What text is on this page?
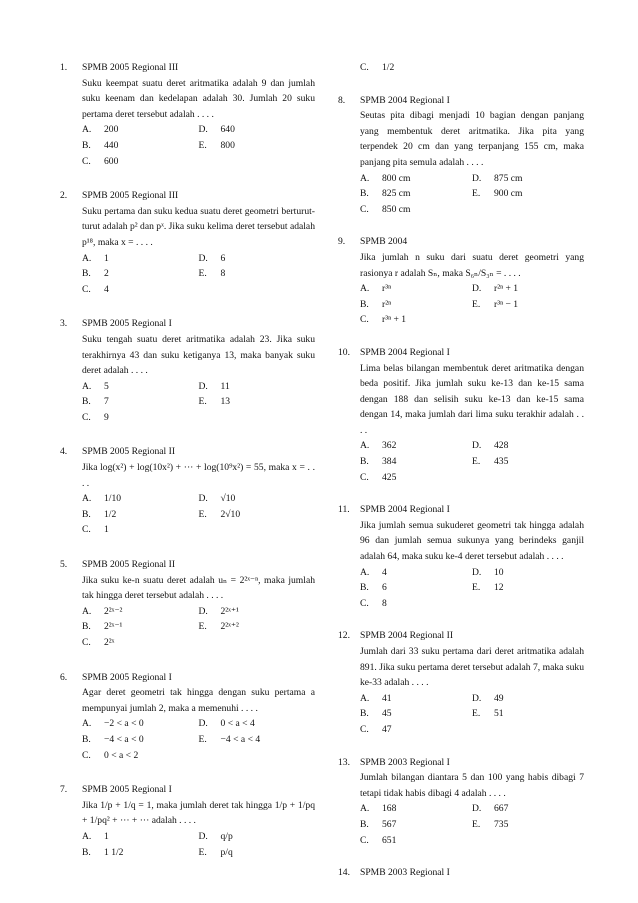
1. SPMB 2005 Regional III
Suku keempat suatu deret aritmatika adalah 9 dan jumlah suku keenam dan kedelapan adalah 30. Jumlah 20 suku pertama deret tersebut adalah . . . .
A.	200	D.	640
B.	440	E.	800
C.	600
2. SPMB 2005 Regional III
Suku pertama dan suku kedua suatu deret geometri berturut-turut adalah p² dan pˣ. Jika suku kelima deret tersebut adalah p¹⁸, maka x = . . . .
A.	1	D.	6
B.	2	E.	8
C.	4
3. SPMB 2005 Regional I
Suku tengah suatu deret aritmatika adalah 23. Jika suku terakhirnya 43 dan suku ketiganya 13, maka banyak suku deret adalah . . . .
A.	5	D.	11
B.	7	E.	13
C.	9
4. SPMB 2005 Regional II
Jika log(x²) + log(10x²) + ··· + log(10⁹x²) = 55, maka x = . . . .
A.	1/10	D.	√10
B.	1/2	E.	2√10
C.	1
5. SPMB 2005 Regional II
Jika suku ke-n suatu deret adalah uₙ = 2²ˣ⁻ⁿ, maka jumlah tak hingga deret tersebut adalah . . . .
A.	2²ˣ⁻²	D.	2²ˣ⁺¹
B.	2²ˣ⁻¹	E.	2²ˣ⁺²
C.	2²ˣ
6. SPMB 2005 Regional I
Agar deret geometri tak hingga dengan suku pertama a mempunyai jumlah 2, maka a memenuhi . . . .
A.	−2 < a < 0	D.	0 < a < 4
B.	−4 < a < 0	E.	−4 < a < 4
C.	0 < a < 2
7. SPMB 2005 Regional I
Jika 1/p + 1/q = 1, maka jumlah deret tak hingga 1/p + 1/pq + 1/pq² + ··· + ··· adalah . . . .
A.	1	D.	q/p
B.	1 1/2	E.	p/q
C.	1/2
8. SPMB 2004 Regional I
Seutas pita dibagi menjadi 10 bagian dengan panjang yang membentuk deret aritmatika. Jika pita yang terpendek 20 cm dan yang terpanjang 155 cm, maka panjang pita semula adalah . . . .
A.	800 cm	D.	875 cm
B.	825 cm	E.	900 cm
C.	850 cm
9. SPMB 2004
Jika jumlah n suku dari suatu deret geometri yang rasionya r adalah Sₙ, maka S₆ₙ/S₃ₙ = . . . .
A.	r³ⁿ	D.	r²ⁿ + 1
B.	r²ⁿ	E.	r³ⁿ − 1
C.	r³ⁿ + 1
10. SPMB 2004 Regional I
Lima belas bilangan membentuk deret aritmatika dengan beda positif. Jika jumlah suku ke-13 dan ke-15 sama dengan 188 dan selisih suku ke-13 dan ke-15 sama dengan 14, maka jumlah dari lima suku terakhir adalah . . . .
A.	362	D.	428
B.	384	E.	435
C.	425
11. SPMB 2004 Regional I
Jika jumlah semua sukuderet geometri tak hingga adalah 96 dan jumlah semua sukunya yang berindeks ganjil adalah 64, maka suku ke-4 deret tersebut adalah . . . .
A.	4	D.	10
B.	6	E.	12
C.	8
12. SPMB 2004 Regional II
Jumlah dari 33 suku pertama dari deret aritmatika adalah 891. Jika suku pertama deret tersebut adalah 7, maka suku ke-33 adalah . . . .
A.	41	D.	49
B.	45	E.	51
C.	47
13. SPMB 2003 Regional I
Jumlah bilangan diantara 5 dan 100 yang habis dibagi 7 tetapi tidak habis dibagi 4 adalah . . . .
A.	168	D.	667
B.	567	E.	735
C.	651
14. SPMB 2003 Regional I
